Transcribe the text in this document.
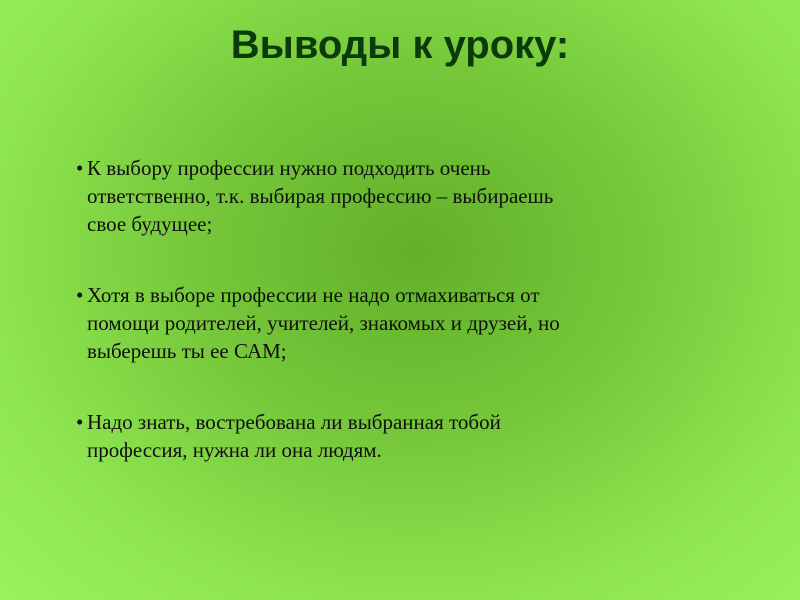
Выводы к уроку:
• К выбору профессии нужно подходить очень
ответственно, т.к. выбирая профессию – выбираешь
свое будущее;
• Хотя в выборе профессии не надо отмахиваться от
помощи родителей, учителей, знакомых и друзей, но
выберешь ты ее САМ;
• Надо знать, востребована ли выбранная тобой
профессия, нужна ли она людям.
